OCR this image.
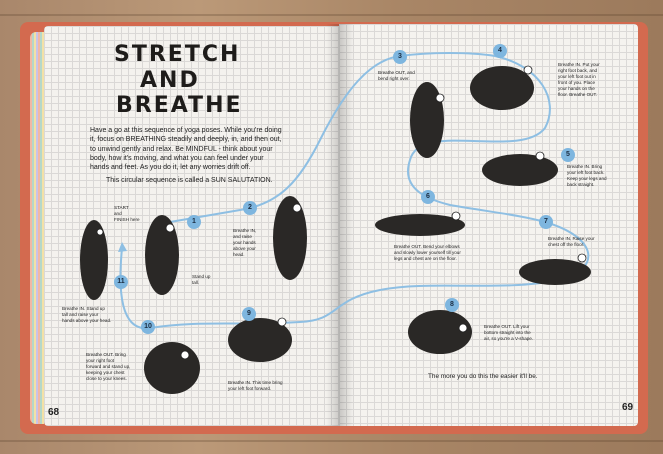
STRETCH
AND
BREATHE
Have a go at this sequence of yoga poses. While you're doing
it, focus on BREATHING steadily and deeply, in, and then out,
to unwind gently and relax. Be MINDFUL - think about your
body, how it's moving, and what you can feel under your
hands and feet. As you do it, let any worries drift off.
This circular sequence is called a SUN SALUTATION.
START
and
FINISH here	1
2
3
4
5
6
7
8
9
10
11
Stand up
tall.
Breathe IN,
and raise
your hands
above your
head.
Breathe OUT, and
bend right over.
Breathe IN. Put your
right foot back, and
your left foot out in
front of you. Place
your hands on the
floor. Breathe OUT.
Breathe IN. Bring
your left foot back.
Keep your legs and
back straight.
Breathe OUT. Bend your elbows
and slowly lower yourself till your
legs and chest are on the floor.
Breathe IN. Raise your
chest off the floor.
Breathe OUT. Lift your
bottom straight into the
air, so you're a V-shape.
Breathe IN. This time bring
your left foot forward.
Breathe OUT. Bring
your right foot
forward and stand up,
keeping your chest
close to your knees.
Breathe IN. Stand up
tall and raise your
hands above your head.
The more you do this the easier it'll be.
68	69
